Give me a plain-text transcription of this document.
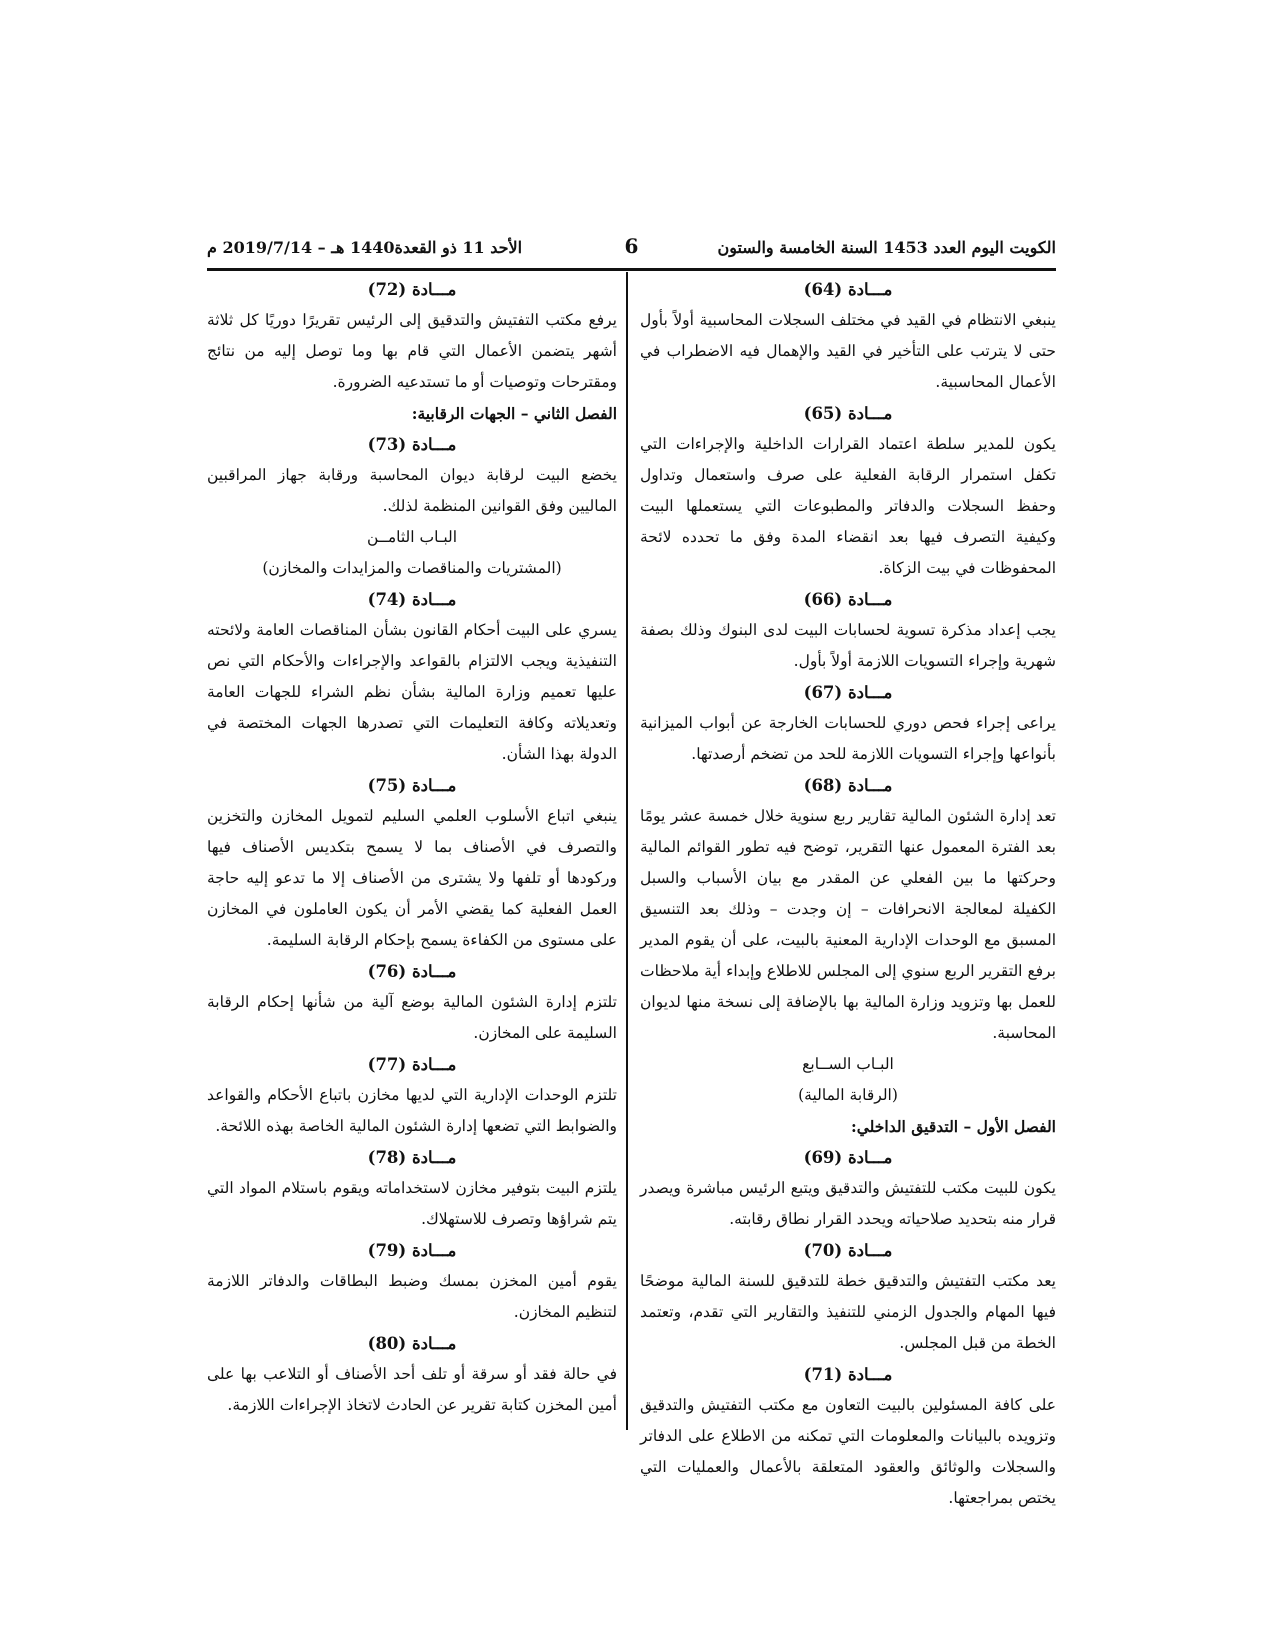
الكويت اليوم العدد 1453 السنة الخامسة والستون
6
الأحد 11 ذو القعدة1440 هـ – 2019/7/14 م
مـــادة (64)

ينبغي الانتظام في القيد في مختلف السجلات المحاسبية أولاً بأول حتى لا يترتب على التأخير في القيد والإهمال فيه الاضطراب في الأعمال المحاسبية.

مـــادة (65)

يكون للمدير سلطة اعتماد القرارات الداخلية والإجراءات التي تكفل استمرار الرقابة الفعلية على صرف واستعمال وتداول وحفظ السجلات والدفاتر والمطبوعات التي يستعملها البيت وكيفية التصرف فيها بعد انقضاء المدة وفق ما تحدده لائحة المحفوظات في بيت الزكاة.

مـــادة (66)

يجب إعداد مذكرة تسوية لحسابات البيت لدى البنوك وذلك بصفة شهرية وإجراء التسويات اللازمة أولاً بأول.

مـــادة (67)

يراعى إجراء فحص دوري للحسابات الخارجة عن أبواب الميزانية بأنواعها وإجراء التسويات اللازمة للحد من تضخم أرصدتها.

مـــادة (68)

تعد إدارة الشئون المالية تقارير ربع سنوية خلال خمسة عشر يومًا بعد الفترة المعمول عنها التقرير، توضح فيه تطور القوائم المالية وحركتها ما بين الفعلي عن المقدر مع بيان الأسباب والسبل الكفيلة لمعالجة الانحرافات – إن وجدت – وذلك بعد التنسيق المسبق مع الوحدات الإدارية المعنية بالبيت، على أن يقوم المدير برفع التقرير الربع سنوي إلى المجلس للاطلاع وإبداء أية ملاحظات للعمل بها وتزويد وزارة المالية بها بالإضافة إلى نسخة منها لديوان المحاسبة.

البـاب الســابع
(الرقابة المالية)
الفصل الأول – التدقيق الداخلي:
مـــادة (69)

يكون للبيت مكتب للتفتيش والتدقيق ويتبع الرئيس مباشرة ويصدر قرار منه بتحديد صلاحياته ويحدد القرار نطاق رقابته.

مـــادة (70)

يعد مكتب التفتيش والتدقيق خطة للتدقيق للسنة المالية موضحًا فيها المهام والجدول الزمني للتنفيذ والتقارير التي تقدم، وتعتمد الخطة من قبل المجلس.

مـــادة (71)

على كافة المسئولين بالبيت التعاون مع مكتب التفتيش والتدقيق وتزويده بالبيانات والمعلومات التي تمكنه من الاطلاع على الدفاتر والسجلات والوثائق والعقود المتعلقة بالأعمال والعمليات التي يختص بمراجعتها.

مـــادة (72)

يرفع مكتب التفتيش والتدقيق إلى الرئيس تقريرًا دوريًا كل ثلاثة أشهر يتضمن الأعمال التي قام بها وما توصل إليه من نتائج ومقترحات وتوصيات أو ما تستدعيه الضرورة.

الفصل الثاني – الجهات الرقابية:
مـــادة (73)

يخضع البيت لرقابة ديوان المحاسبة ورقابة جهاز المراقبين الماليين وفق القوانين المنظمة لذلك.

البـاب الثامــن
(المشتريات والمناقصات والمزايدات والمخازن)
مـــادة (74)

يسري على البيت أحكام القانون بشأن المناقصات العامة ولائحته التنفيذية ويجب الالتزام بالقواعد والإجراءات والأحكام التي نص عليها تعميم وزارة المالية بشأن نظم الشراء للجهات العامة وتعديلاته وكافة التعليمات التي تصدرها الجهات المختصة في الدولة بهذا الشأن.

مـــادة (75)

ينبغي اتباع الأسلوب العلمي السليم لتمويل المخازن والتخزين والتصرف في الأصناف بما لا يسمح بتكديس الأصناف فيها وركودها أو تلفها ولا يشترى من الأصناف إلا ما تدعو إليه حاجة العمل الفعلية كما يقضي الأمر أن يكون العاملون في المخازن على مستوى من الكفاءة يسمح بإحكام الرقابة السليمة.

مـــادة (76)

تلتزم إدارة الشئون المالية بوضع آلية من شأنها إحكام الرقابة السليمة على المخازن.

مـــادة (77)

تلتزم الوحدات الإدارية التي لديها مخازن باتباع الأحكام والقواعد والضوابط التي تضعها إدارة الشئون المالية الخاصة بهذه اللائحة.

مـــادة (78)

يلتزم البيت بتوفير مخازن لاستخداماته ويقوم باستلام المواد التي يتم شراؤها وتصرف للاستهلاك.

مـــادة (79)

يقوم أمين المخزن بمسك وضبط البطاقات والدفاتر اللازمة لتنظيم المخازن.

مـــادة (80)

في حالة فقد أو سرقة أو تلف أحد الأصناف أو التلاعب بها على أمين المخزن كتابة تقرير عن الحادث لاتخاذ الإجراءات اللازمة.
